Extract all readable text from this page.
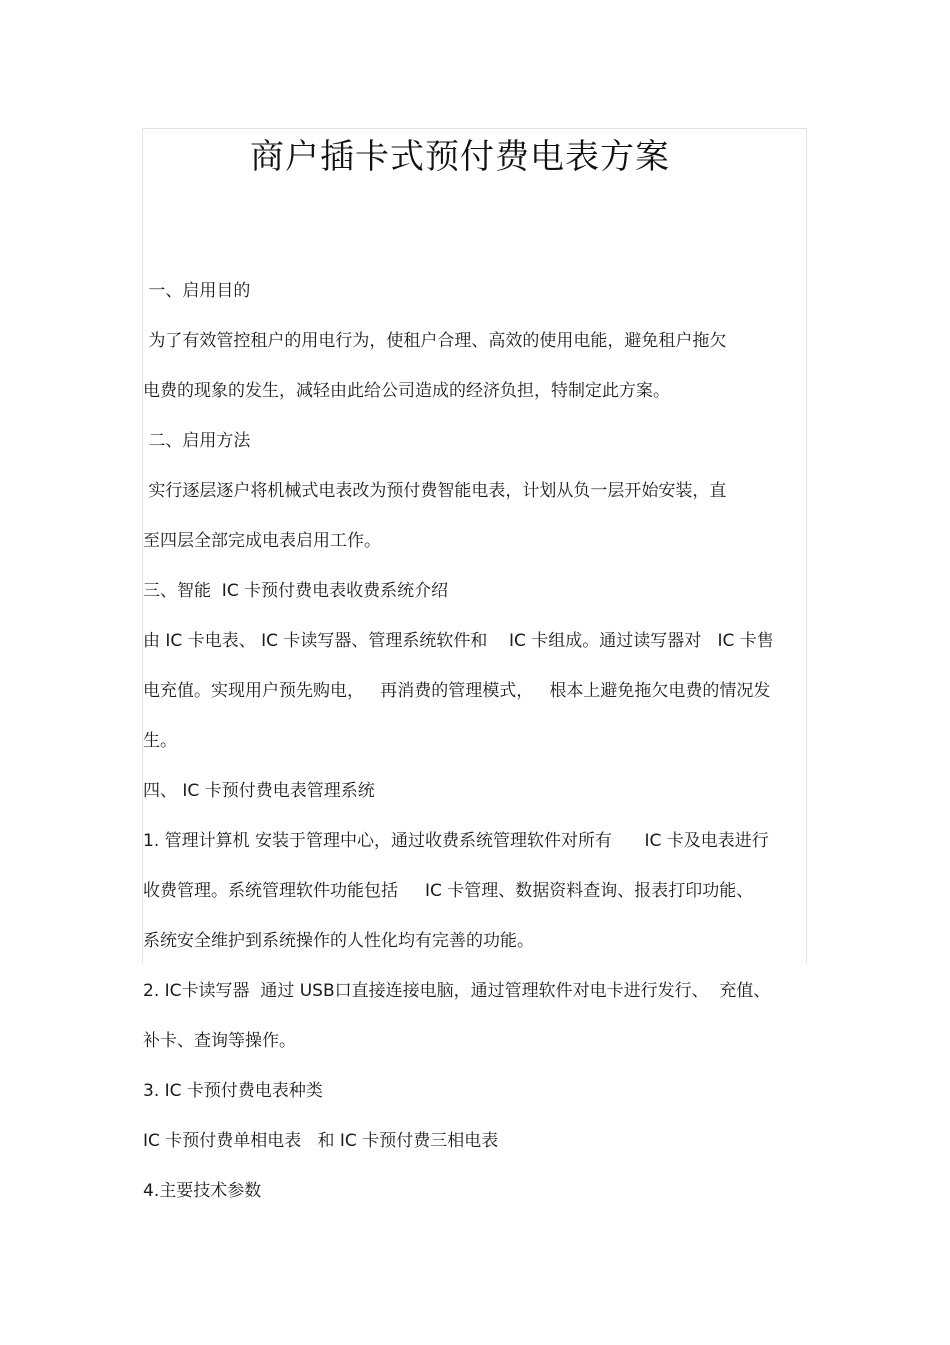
商户插卡式预付费电表方案

一、启用目的

为了有效管控租户的用电行为，使租户合理、高效的使用电能，避免租户拖欠

电费的现象的发生，减轻由此给公司造成的经济负担，特制定此方案。

二、启用方法

实行逐层逐户将机械式电表改为预付费智能电表，计划从负一层开始安装，直

至四层全部完成电表启用工作。

三、智能  IC 卡预付费电表收费系统介绍

由 IC 卡电表、 IC 卡读写器、管理系统软件和    IC 卡组成。通过读写器对   IC 卡售

电充值。实现用户预先购电，   再消费的管理模式，   根本上避免拖欠电费的情况发

生。

四、 IC 卡预付费电表管理系统

1. 管理计算机 安装于管理中心，通过收费系统管理软件对所有      IC 卡及电表进行

收费管理。系统管理软件功能包括     IC 卡管理、数据资料查询、报表打印功能、

系统安全维护到系统操作的人性化均有完善的功能。

2. IC卡读写器  通过 USB口直接连接电脑，通过管理软件对电卡进行发行、  充值、

补卡、查询等操作。

3. IC 卡预付费电表种类

IC 卡预付费单相电表   和 IC 卡预付费三相电表

4.主要技术参数
